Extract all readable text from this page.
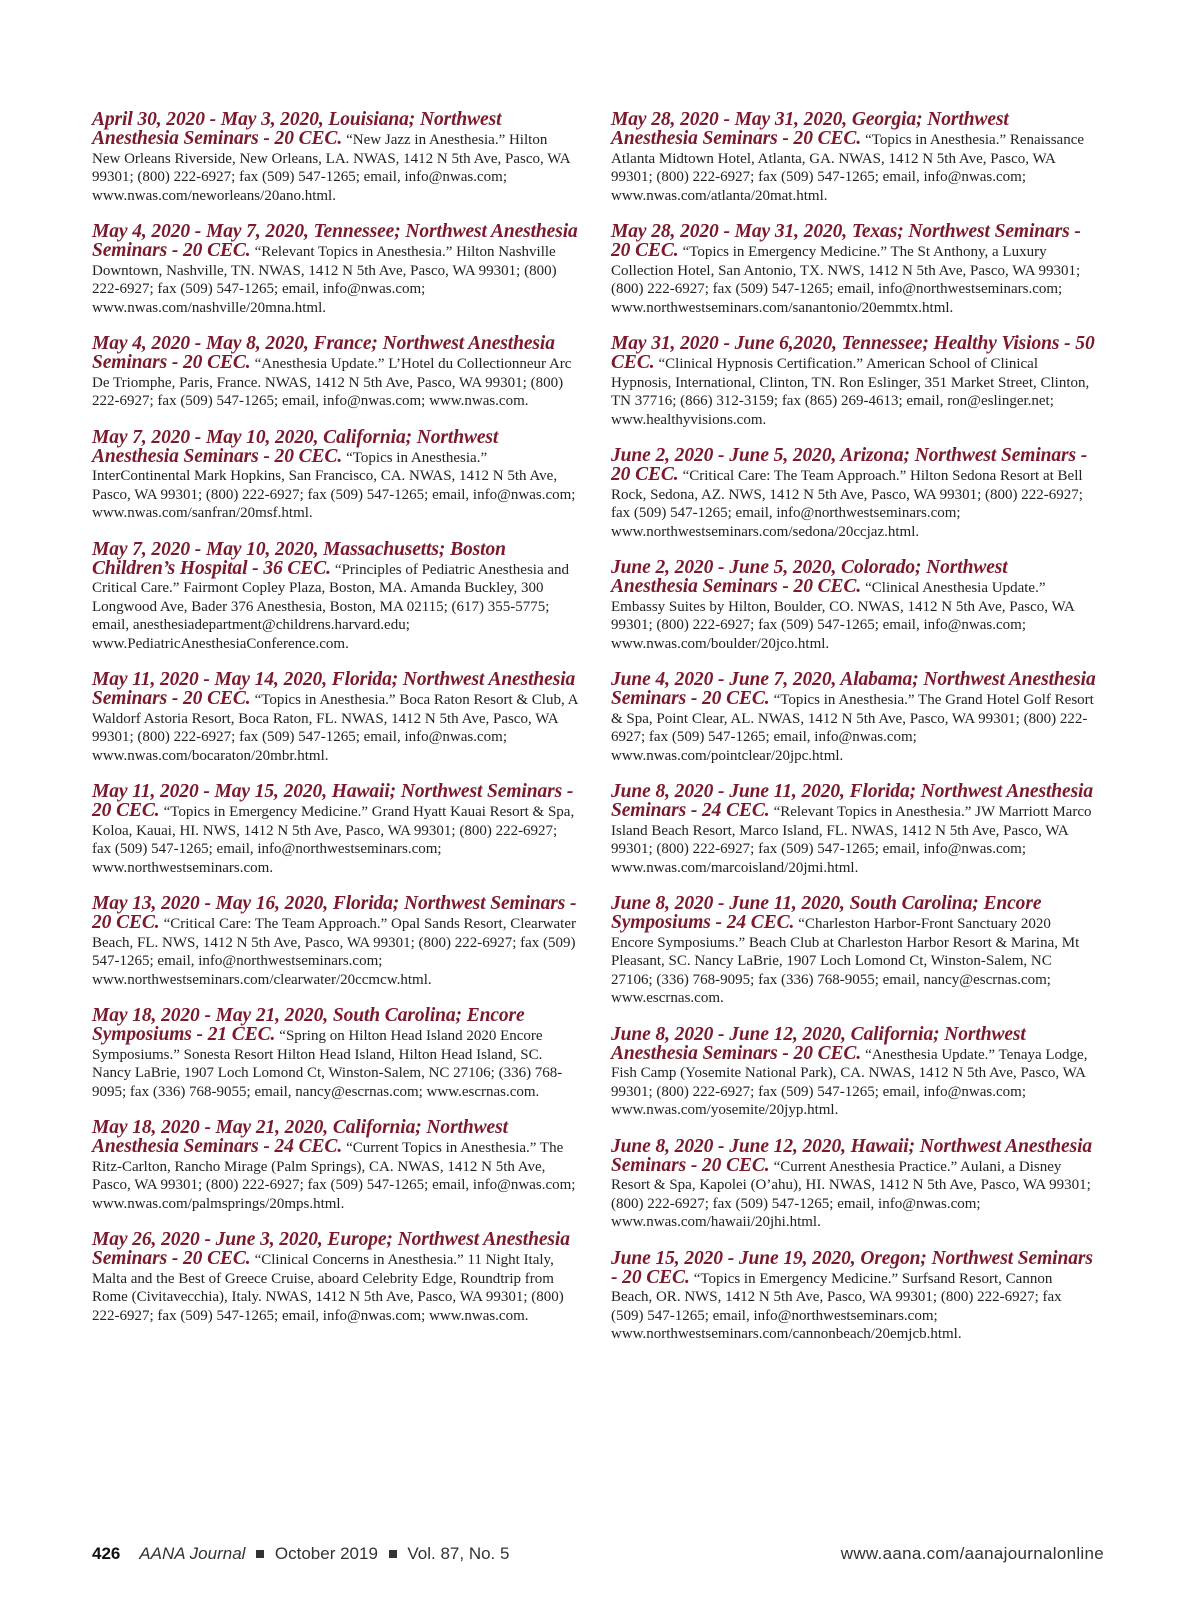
April 30, 2020 - May 3, 2020, Louisiana; Northwest Anesthesia Seminars - 20 CEC. “New Jazz in Anesthesia.” Hilton New Orleans Riverside, New Orleans, LA. NWAS, 1412 N 5th Ave, Pasco, WA 99301; (800) 222-6927; fax (509) 547-1265; email, info@nwas.com; www.nwas.com/neworleans/20ano.html.
May 4, 2020 - May 7, 2020, Tennessee; Northwest Anesthesia Seminars - 20 CEC. “Relevant Topics in Anesthesia.” Hilton Nashville Downtown, Nashville, TN. NWAS, 1412 N 5th Ave, Pasco, WA 99301; (800) 222-6927; fax (509) 547-1265; email, info@nwas.com; www.nwas.com/nashville/20mna.html.
May 4, 2020 - May 8, 2020, France; Northwest Anesthesia Seminars - 20 CEC. “Anesthesia Update.” L’Hotel du Collectionneur Arc De Triomphe, Paris, France. NWAS, 1412 N 5th Ave, Pasco, WA 99301; (800) 222-6927; fax (509) 547-1265; email, info@nwas.com; www.nwas.com.
May 7, 2020 - May 10, 2020, California; Northwest Anesthesia Seminars - 20 CEC. “Topics in Anesthesia.” InterContinental Mark Hopkins, San Francisco, CA. NWAS, 1412 N 5th Ave, Pasco, WA 99301; (800) 222-6927; fax (509) 547-1265; email, info@nwas.com; www.nwas.com/sanfran/20msf.html.
May 7, 2020 - May 10, 2020, Massachusetts; Boston Children’s Hospital - 36 CEC. “Principles of Pediatric Anesthesia and Critical Care.” Fairmont Copley Plaza, Boston, MA. Amanda Buckley, 300 Longwood Ave, Bader 376 Anesthesia, Boston, MA 02115; (617) 355-5775; email, anesthesiadepartment@childrens.harvard.edu; www.PediatricAnesthesiaConference.com.
May 11, 2020 - May 14, 2020, Florida; Northwest Anesthesia Seminars - 20 CEC. “Topics in Anesthesia.” Boca Raton Resort & Club, A Waldorf Astoria Resort, Boca Raton, FL. NWAS, 1412 N 5th Ave, Pasco, WA 99301; (800) 222-6927; fax (509) 547-1265; email, info@nwas.com; www.nwas.com/bocaraton/20mbr.html.
May 11, 2020 - May 15, 2020, Hawaii; Northwest Seminars - 20 CEC. “Topics in Emergency Medicine.” Grand Hyatt Kauai Resort & Spa, Koloa, Kauai, HI. NWS, 1412 N 5th Ave, Pasco, WA 99301; (800) 222-6927; fax (509) 547-1265; email, info@northwestseminars.com; www.northwestseminars.com.
May 13, 2020 - May 16, 2020, Florida; Northwest Seminars - 20 CEC. “Critical Care: The Team Approach.” Opal Sands Resort, Clearwater Beach, FL. NWS, 1412 N 5th Ave, Pasco, WA 99301; (800) 222-6927; fax (509) 547-1265; email, info@northwestseminars.com; www.northwestseminars.com/clearwater/20ccmcw.html.
May 18, 2020 - May 21, 2020, South Carolina; Encore Symposiums - 21 CEC. “Spring on Hilton Head Island 2020 Encore Symposiums.” Sonesta Resort Hilton Head Island, Hilton Head Island, SC. Nancy LaBrie, 1907 Loch Lomond Ct, Winston-Salem, NC 27106; (336) 768-9095; fax (336) 768-9055; email, nancy@escrnas.com; www.escrnas.com.
May 18, 2020 - May 21, 2020, California; Northwest Anesthesia Seminars - 24 CEC. “Current Topics in Anesthesia.” The Ritz-Carlton, Rancho Mirage (Palm Springs), CA. NWAS, 1412 N 5th Ave, Pasco, WA 99301; (800) 222-6927; fax (509) 547-1265; email, info@nwas.com; www.nwas.com/palmsprings/20mps.html.
May 26, 2020 - June 3, 2020, Europe; Northwest Anesthesia Seminars - 20 CEC. “Clinical Concerns in Anesthesia.” 11 Night Italy, Malta and the Best of Greece Cruise, aboard Celebrity Edge, Roundtrip from Rome (Civitavecchia), Italy. NWAS, 1412 N 5th Ave, Pasco, WA 99301; (800) 222-6927; fax (509) 547-1265; email, info@nwas.com; www.nwas.com.
May 28, 2020 - May 31, 2020, Georgia; Northwest Anesthesia Seminars - 20 CEC. “Topics in Anesthesia.” Renaissance Atlanta Midtown Hotel, Atlanta, GA. NWAS, 1412 N 5th Ave, Pasco, WA 99301; (800) 222-6927; fax (509) 547-1265; email, info@nwas.com; www.nwas.com/atlanta/20mat.html.
May 28, 2020 - May 31, 2020, Texas; Northwest Seminars - 20 CEC. “Topics in Emergency Medicine.” The St Anthony, a Luxury Collection Hotel, San Antonio, TX. NWS, 1412 N 5th Ave, Pasco, WA 99301; (800) 222-6927; fax (509) 547-1265; email, info@northwestseminars.com; www.northwestseminars.com/sanantonio/20emmtx.html.
May 31, 2020 - June 6,2020, Tennessee; Healthy Visions - 50 CEC. “Clinical Hypnosis Certification.” American School of Clinical Hypnosis, International, Clinton, TN. Ron Eslinger, 351 Market Street, Clinton, TN 37716; (866) 312-3159; fax (865) 269-4613; email, ron@eslinger.net; www.healthyvisions.com.
June 2, 2020 - June 5, 2020, Arizona; Northwest Seminars - 20 CEC. “Critical Care: The Team Approach.” Hilton Sedona Resort at Bell Rock, Sedona, AZ. NWS, 1412 N 5th Ave, Pasco, WA 99301; (800) 222-6927; fax (509) 547-1265; email, info@northwestseminars.com; www.northwestseminars.com/sedona/20ccjaz.html.
June 2, 2020 - June 5, 2020, Colorado; Northwest Anesthesia Seminars - 20 CEC. “Clinical Anesthesia Update.” Embassy Suites by Hilton, Boulder, CO. NWAS, 1412 N 5th Ave, Pasco, WA 99301; (800) 222-6927; fax (509) 547-1265; email, info@nwas.com; www.nwas.com/boulder/20jco.html.
June 4, 2020 - June 7, 2020, Alabama; Northwest Anesthesia Seminars - 20 CEC. “Topics in Anesthesia.” The Grand Hotel Golf Resort & Spa, Point Clear, AL. NWAS, 1412 N 5th Ave, Pasco, WA 99301; (800) 222-6927; fax (509) 547-1265; email, info@nwas.com; www.nwas.com/pointclear/20jpc.html.
June 8, 2020 - June 11, 2020, Florida; Northwest Anesthesia Seminars - 24 CEC. “Relevant Topics in Anesthesia.” JW Marriott Marco Island Beach Resort, Marco Island, FL. NWAS, 1412 N 5th Ave, Pasco, WA 99301; (800) 222-6927; fax (509) 547-1265; email, info@nwas.com; www.nwas.com/marcoisland/20jmi.html.
June 8, 2020 - June 11, 2020, South Carolina; Encore Symposiums - 24 CEC. “Charleston Harbor-Front Sanctuary 2020 Encore Symposiums.” Beach Club at Charleston Harbor Resort & Marina, Mt Pleasant, SC. Nancy LaBrie, 1907 Loch Lomond Ct, Winston-Salem, NC 27106; (336) 768-9095; fax (336) 768-9055; email, nancy@escrnas.com; www.escrnas.com.
June 8, 2020 - June 12, 2020, California; Northwest Anesthesia Seminars - 20 CEC. “Anesthesia Update.” Tenaya Lodge, Fish Camp (Yosemite National Park), CA. NWAS, 1412 N 5th Ave, Pasco, WA 99301; (800) 222-6927; fax (509) 547-1265; email, info@nwas.com; www.nwas.com/yosemite/20jyp.html.
June 8, 2020 - June 12, 2020, Hawaii; Northwest Anesthesia Seminars - 20 CEC. “Current Anesthesia Practice.” Aulani, a Disney Resort & Spa, Kapolei (O’ahu), HI. NWAS, 1412 N 5th Ave, Pasco, WA 99301; (800) 222-6927; fax (509) 547-1265; email, info@nwas.com; www.nwas.com/hawaii/20jhi.html.
June 15, 2020 - June 19, 2020, Oregon; Northwest Seminars - 20 CEC. “Topics in Emergency Medicine.” Surfsand Resort, Cannon Beach, OR. NWS, 1412 N 5th Ave, Pasco, WA 99301; (800) 222-6927; fax (509) 547-1265; email, info@northwestseminars.com; www.northwestseminars.com/cannonbeach/20emjcb.html.
426 AANA Journal October 2019 Vol. 87, No. 5	www.aana.com/aanajournalonline
